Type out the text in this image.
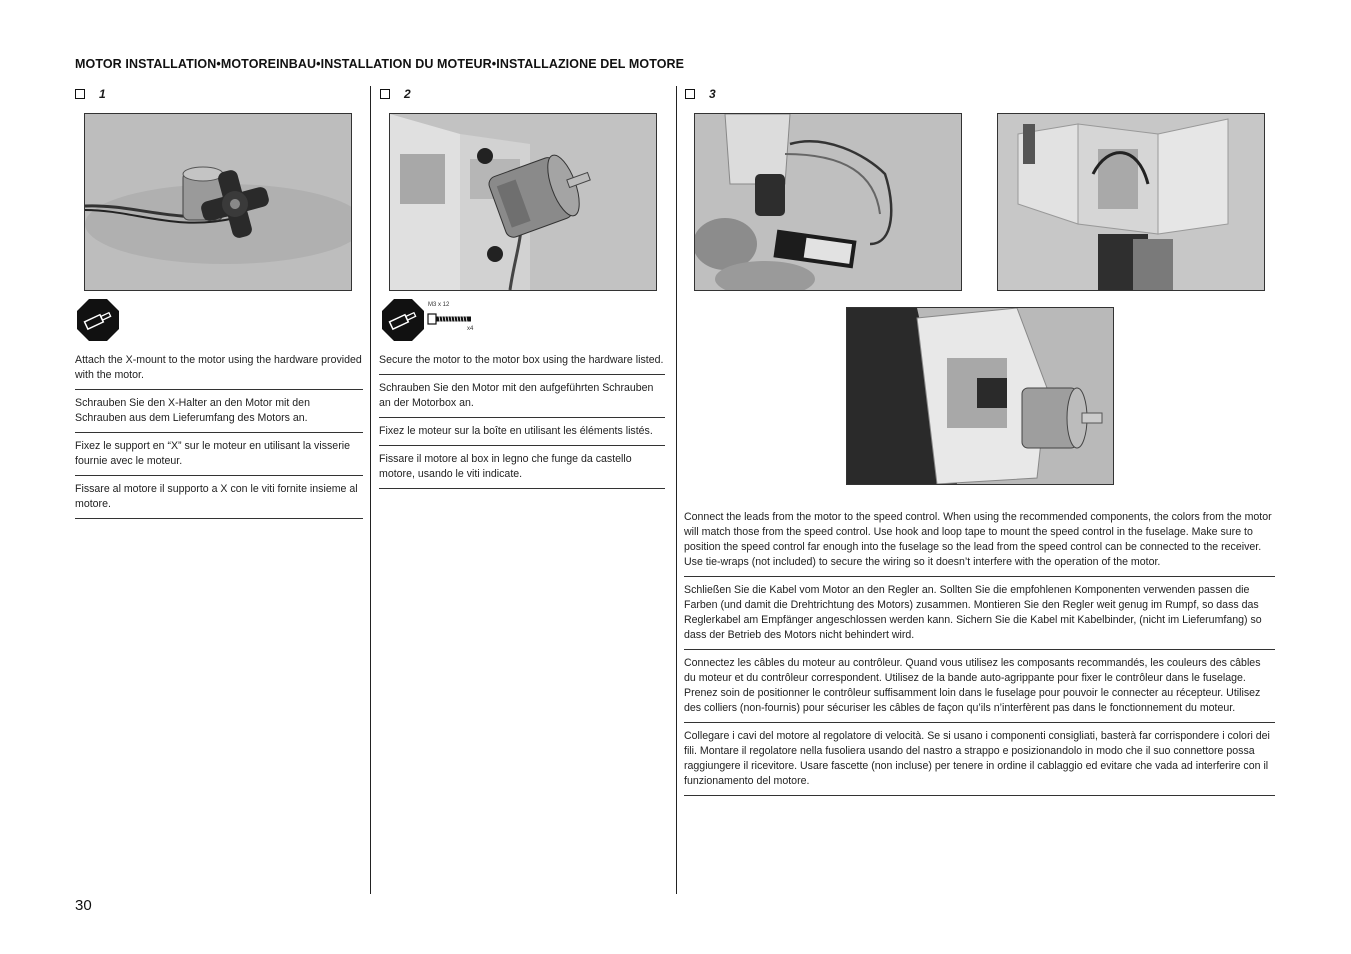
MOTOR INSTALLATION•MOTOREINBAU•INSTALLATION DU MOTEUR•INSTALLAZIONE DEL MOTORE
1
Attach the X-mount to the motor using the hardware provided with the motor.
Schrauben Sie den X-Halter an den Motor mit den Schrauben aus dem Lieferumfang des Motors an.
Fixez le support en “X” sur le moteur en utilisant la visserie fournie avec le moteur.
Fissare al motore il supporto a X con le viti fornite insieme al motore.
2
M3 x 12
x4
Secure the motor to the motor box using the hardware listed.
Schrauben Sie den Motor mit den aufgeführten Schrauben an der Motorbox an.
Fixez le moteur sur la boîte en utilisant les éléments listés.
Fissare il motore al box in legno che funge da castello motore, usando le viti indicate.
3
Connect the leads from the motor to the speed control. When using the recommended components, the colors from the motor will match those from the speed control. Use hook and loop tape to mount the speed control in the fuselage. Make sure to position the speed control far enough into the fuselage so the lead from the speed control can be connected to the receiver. Use tie-wraps (not included) to secure the wiring so it doesn’t interfere with the operation of the motor.
Schließen Sie die Kabel vom Motor an den Regler an. Sollten Sie die empfohlenen Komponenten verwenden passen die Farben (und damit die Drehtrichtung des Motors) zusammen. Montieren Sie den Regler weit genug im Rumpf, so dass das Reglerkabel am Empfänger angeschlossen werden kann. Sichern Sie die Kabel mit Kabelbinder, (nicht im Lieferumfang) so dass der Betrieb des Motors nicht behindert wird.
Connectez les câbles du moteur au contrôleur. Quand vous utilisez les composants recommandés, les couleurs des câbles du moteur et du contrôleur correspondent. Utilisez de la bande auto-agrippante pour fixer le contrôleur dans le fuselage. Prenez soin de positionner le contrôleur suffisamment loin dans le fuselage pour pouvoir le connecter au récepteur. Utilisez des colliers (non-fournis) pour sécuriser les câbles de façon qu’ils n’interfèrent pas dans le fonctionnement du moteur.
Collegare i cavi del motore al regolatore di velocità. Se si usano i componenti consigliati, basterà far corrispondere i colori dei fili. Montare il regolatore nella fusoliera usando del nastro a strappo e posizionandolo in modo che il suo connettore possa raggiungere il ricevitore. Usare fascette (non incluse) per tenere in ordine il cablaggio ed evitare che vada ad interferire con il funzionamento del motore.
30
